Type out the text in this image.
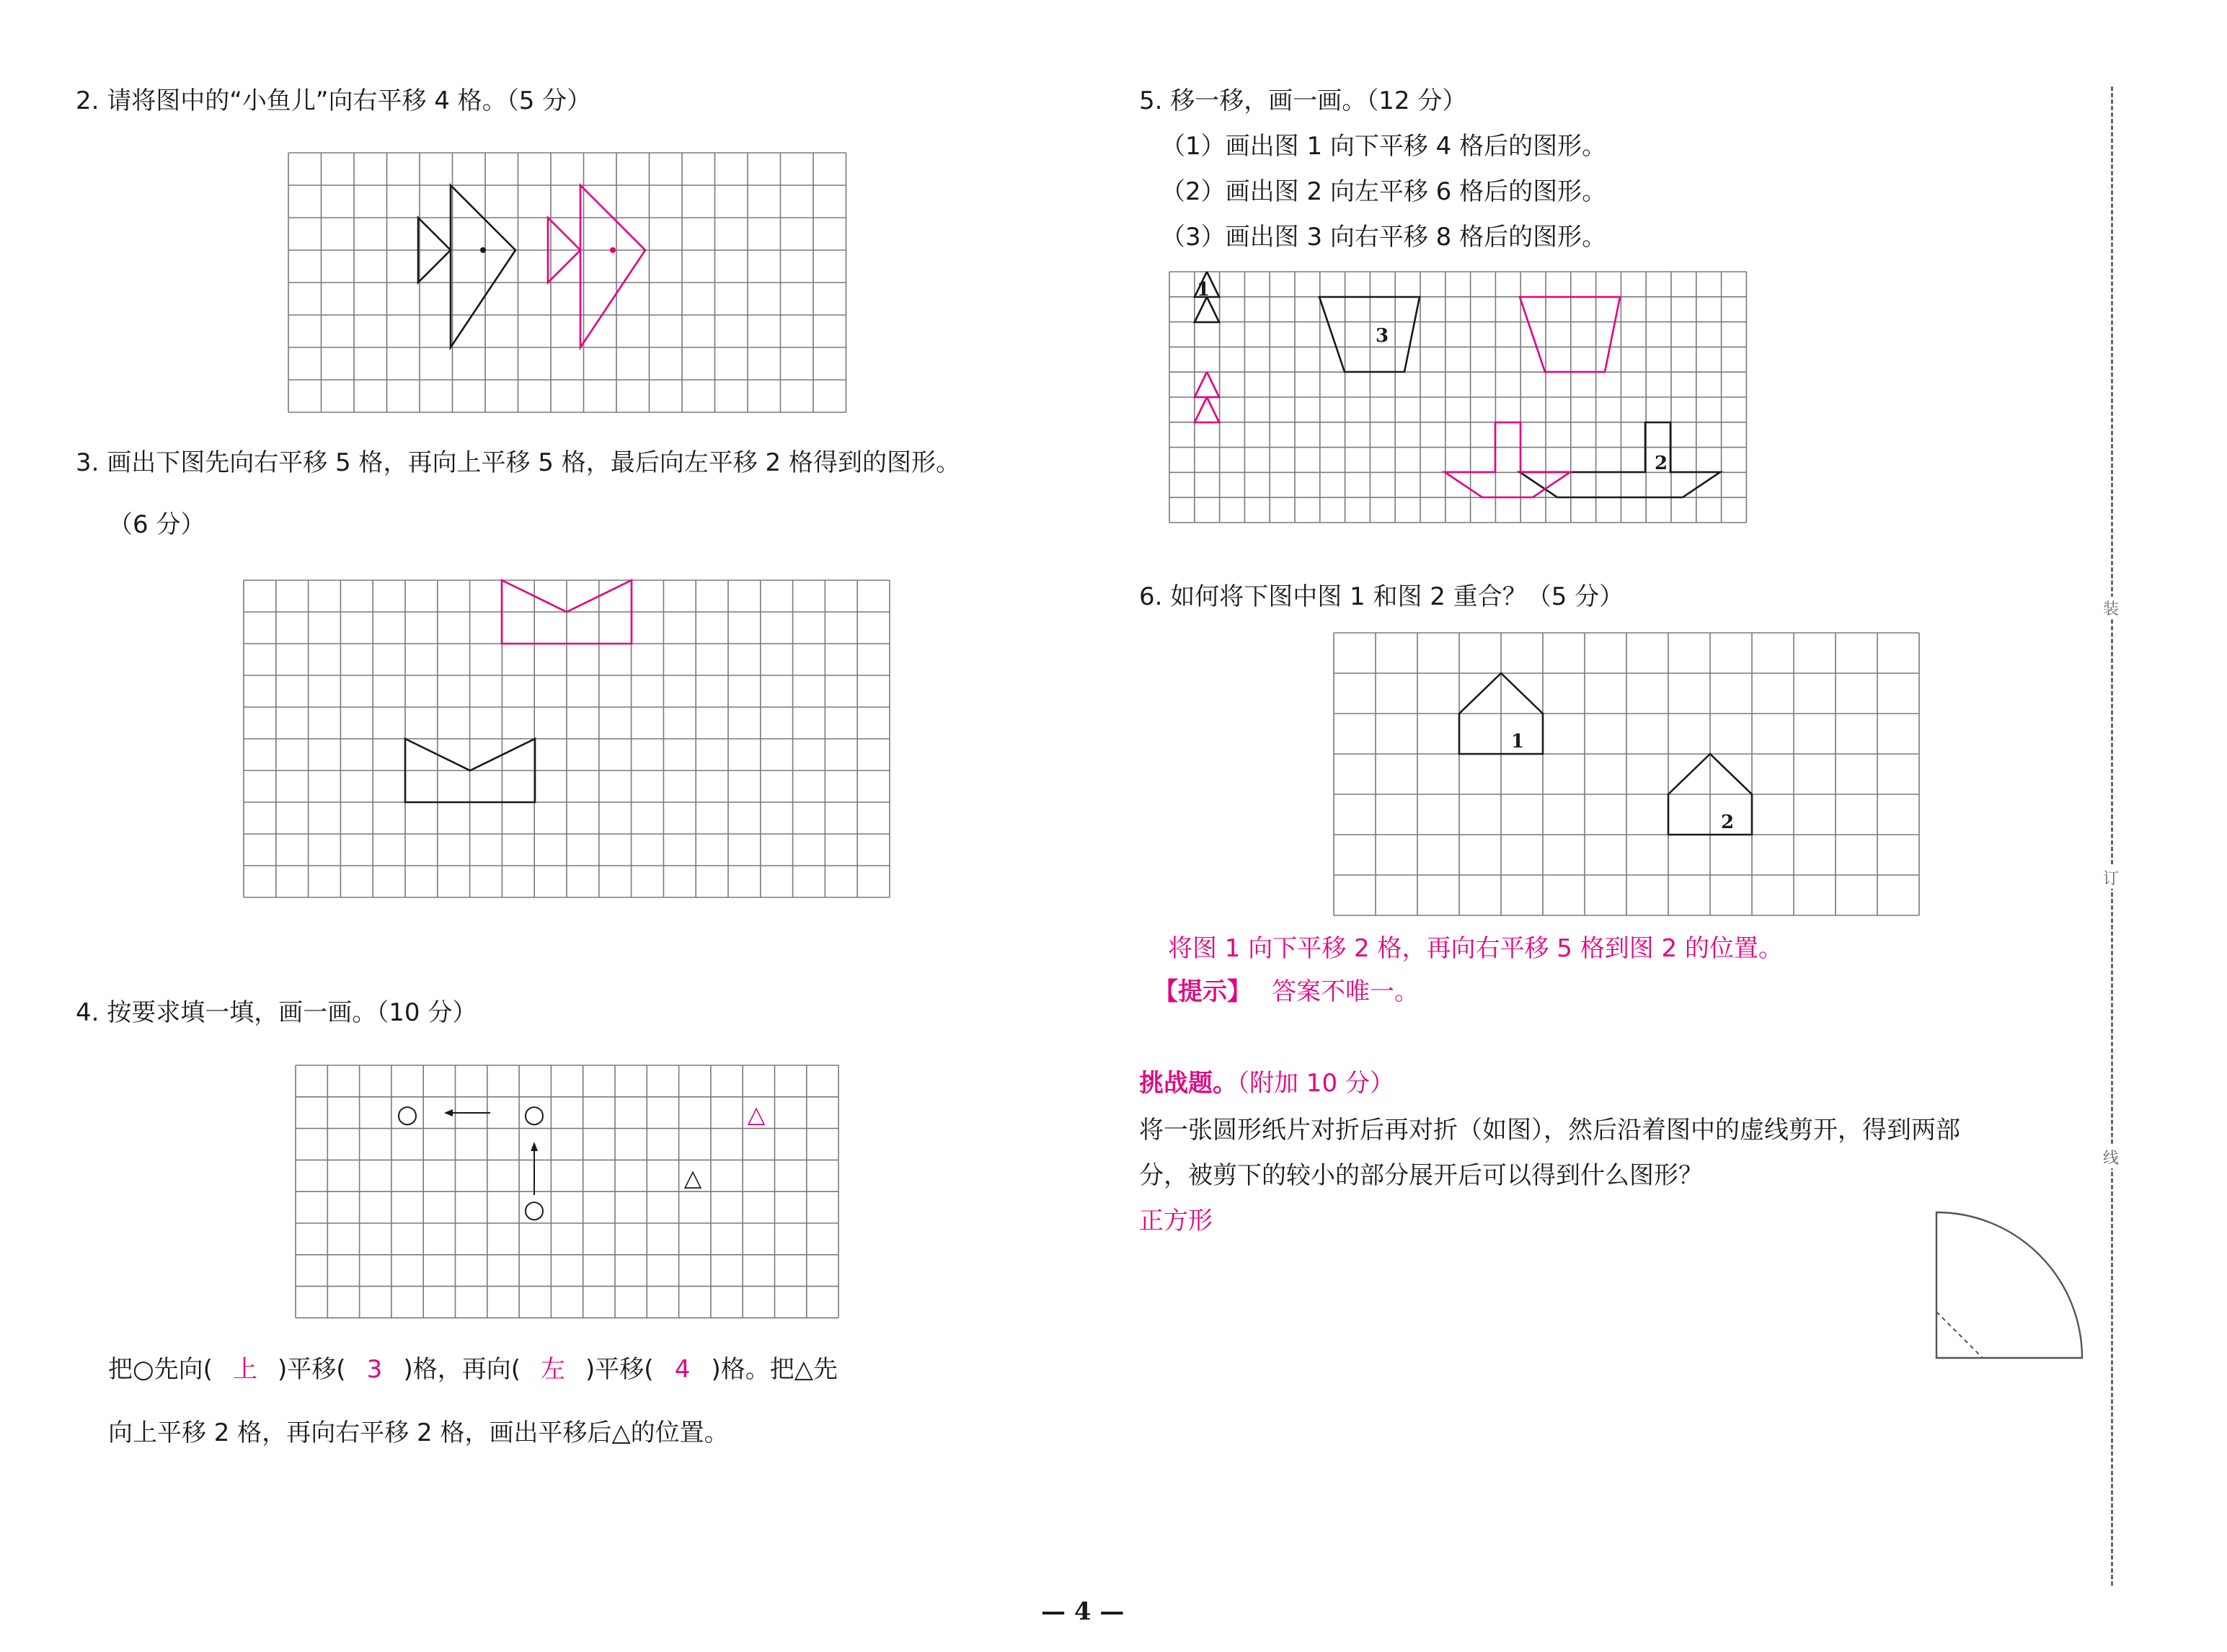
2. 请将图中的“小鱼儿”向右平移 4 格。（5 分）
3. 画出下图先向右平移 5 格，再向上平移 5 格，最后向左平移 2 格得到的图形。
（6 分）
4. 按要求填一填，画一画。（10 分）
○	○
○
△
△
把○先向( 上 )平移( 3 )格，再向( 左 )平移( 4 )格。把△先
向上平移 2 格，再向右平移 2 格，画出平移后△的位置。
5. 移一移，画一画。（12 分）
（1）画出图 1 向下平移 4 格后的图形。
（2）画出图 2 向左平移 6 格后的图形。
（3）画出图 3 向右平移 8 格后的图形。
1
3
2
6. 如何将下图中图 1 和图 2 重合？（5 分）
1
2
将图 1 向下平移 2 格，再向右平移 5 格到图 2 的位置。
【提示】 答案不唯一。
挑战题。（附加 10 分）
将一张圆形纸片对折后再对折（如图），然后沿着图中的虚线剪开，得到两部
分，被剪下的较小的部分展开后可以得到什么图形？
正方形
— 4 —
装
订
线
